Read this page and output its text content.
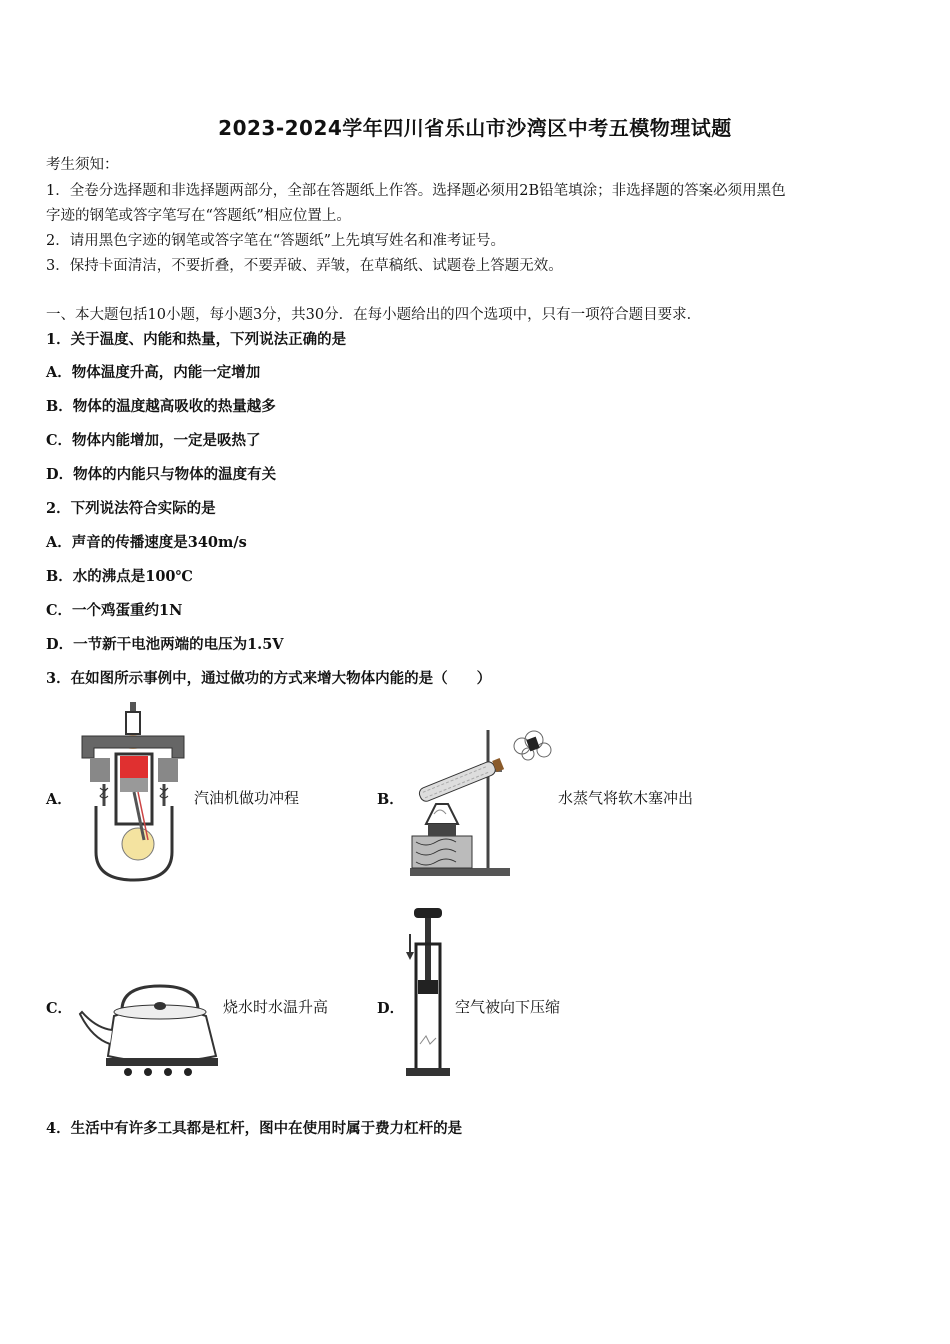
2023-2024学年四川省乐山市沙湾区中考五模物理试题
考生须知：
1．全卷分选择题和非选择题两部分，全部在答题纸上作答。选择题必须用2B铅笔填涂；非选择题的答案必须用黑色
字迹的钢笔或答字笔写在“答题纸”相应位置上。
2．请用黑色字迹的钢笔或答字笔在“答题纸”上先填写姓名和准考证号。
3．保持卡面清洁，不要折叠，不要弄破、弄皱，在草稿纸、试题卷上答题无效。
一、本大题包括10小题，每小题3分，共30分．在每小题给出的四个选项中，只有一项符合题目要求．
1．关于温度、内能和热量，下列说法正确的是
A．物体温度升高，内能一定增加
B．物体的温度越高吸收的热量越多
C．物体内能增加，一定是吸热了
D．物体的内能只与物体的温度有关
2．下列说法符合实际的是
A．声音的传播速度是340m/s
B．水的沸点是100℃
C．一个鸡蛋重约1N
D．一节新干电池两端的电压为1.5V
3．在如图所示事例中，通过做功的方式来增大物体内能的是（　　）
A．	汽油机做功冲程	B．	水蒸气将软木塞冲出
C．	烧水时水温升高	D．	空气被向下压缩
4．生活中有许多工具都是杠杆，图中在使用时属于费力杠杆的是
